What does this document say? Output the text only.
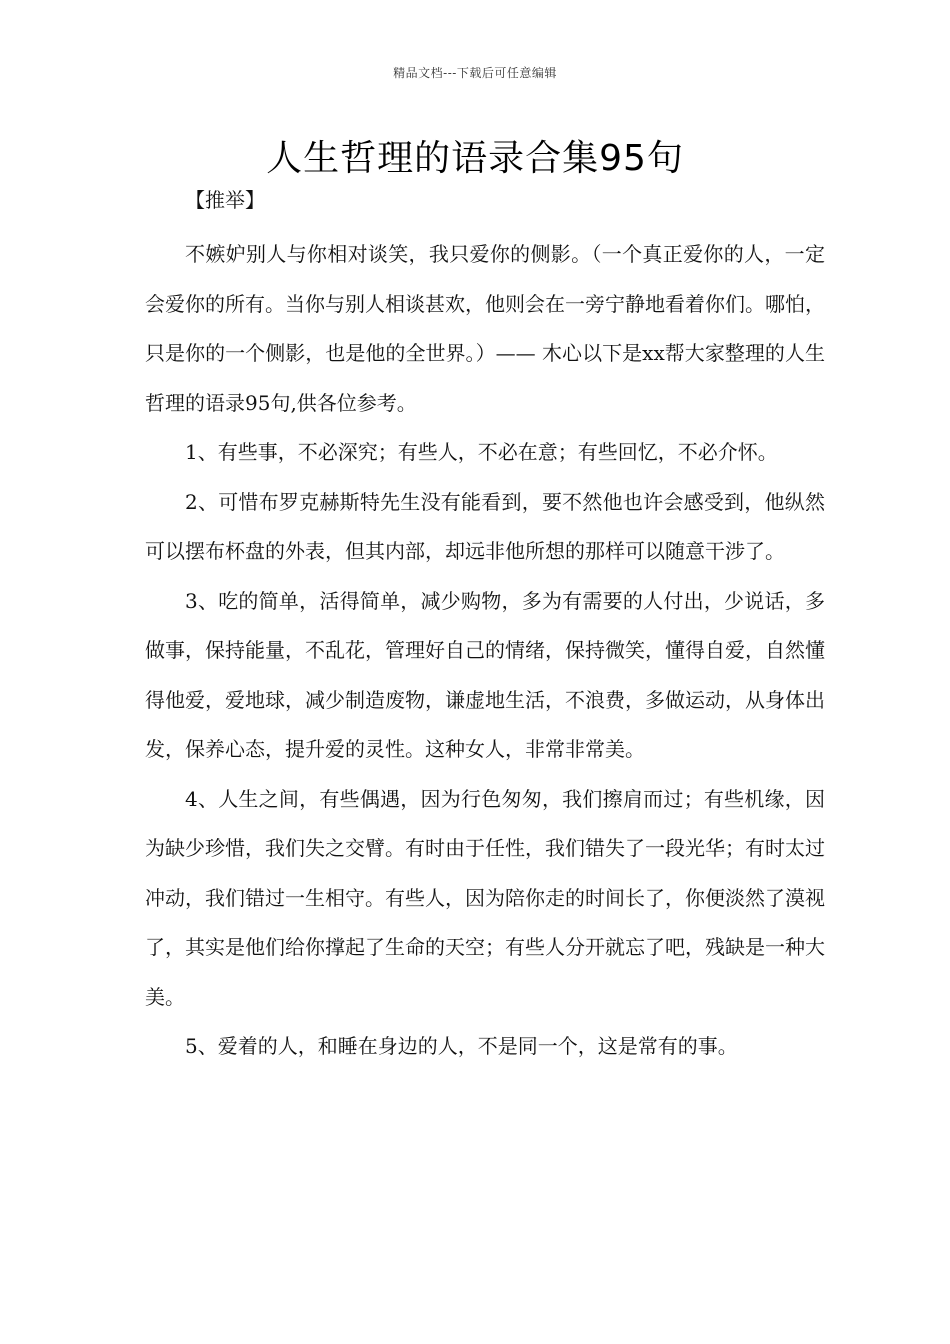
精品文档---下载后可任意编辑
人生哲理的语录合集95句

【推举】

不嫉妒别人与你相对谈笑，我只爱你的侧影。（一个真正爱你的人，一定会爱你的所有。当你与别人相谈甚欢，他则会在一旁宁静地看着你们。哪怕，只是你的一个侧影，也是他的全世界。）—— 木心以下是xx帮大家整理的人生哲理的语录95句,供各位参考。

1、有些事，不必深究；有些人，不必在意；有些回忆，不必介怀。

2、可惜布罗克赫斯特先生没有能看到，要不然他也许会感受到，他纵然可以摆布杯盘的外表，但其内部，却远非他所想的那样可以随意干涉了。

3、吃的简单，活得简单，减少购物，多为有需要的人付出，少说话，多做事，保持能量，不乱花，管理好自己的情绪，保持微笑，懂得自爱，自然懂得他爱，爱地球，减少制造废物，谦虚地生活，不浪费，多做运动，从身体出发，保养心态，提升爱的灵性。这种女人，非常非常美。

4、人生之间，有些偶遇，因为行色匆匆，我们擦肩而过；有些机缘，因为缺少珍惜，我们失之交臂。有时由于任性，我们错失了一段光华；有时太过冲动，我们错过一生相守。有些人，因为陪你走的时间长了，你便淡然了漠视了，其实是他们给你撑起了生命的天空；有些人分开就忘了吧，残缺是一种大美。

5、爱着的人，和睡在身边的人，不是同一个，这是常有的事。
